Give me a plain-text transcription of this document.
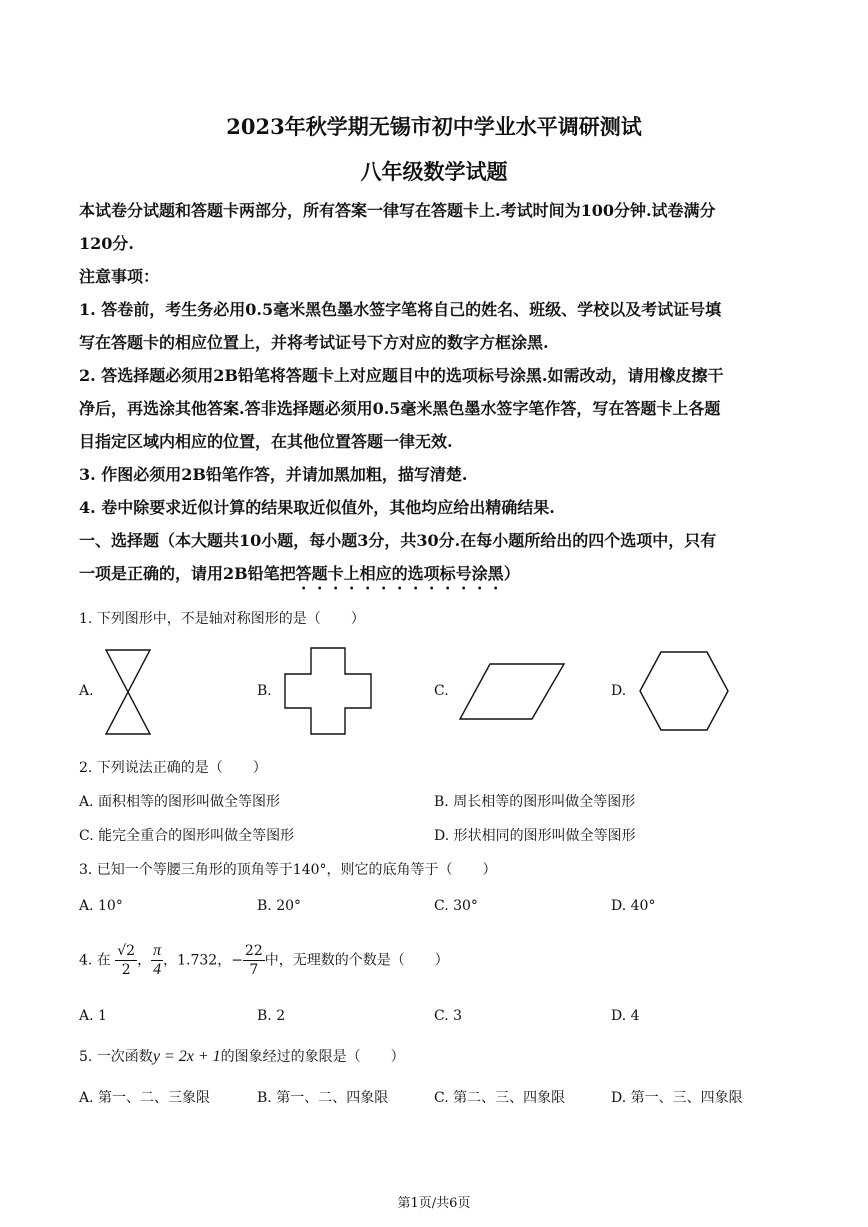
2023年秋学期无锡市初中学业水平调研测试
八年级数学试题
本试卷分试题和答题卡两部分，所有答案一律写在答题卡上.考试时间为100分钟.试卷满分
120分.
注意事项：
1. 答卷前，考生务必用0.5毫米黑色墨水签字笔将自己的姓名、班级、学校以及考试证号填
写在答题卡的相应位置上，并将考试证号下方对应的数字方框涂黑.
2. 答选择题必须用2B铅笔将答题卡上对应题目中的选项标号涂黑.如需改动，请用橡皮擦干
净后，再选涂其他答案.答非选择题必须用0.5毫米黑色墨水签字笔作答，写在答题卡上各题
目指定区域内相应的位置，在其他位置答题一律无效.
3. 作图必须用2B铅笔作答，并请加黑加粗，描写清楚.
4. 卷中除要求近似计算的结果取近似值外，其他均应给出精确结果.
一、选择题（本大题共10小题，每小题3分，共30分.在每小题所给出的四个选项中，只有
一项是正确的，请用2B铅笔把答题卡上相应的选项标号涂黑）
1. 下列图形中，不是轴对称图形的是（ ）
A.	B.	C.	D.
2. 下列说法正确的是（ ）
A. 面积相等的图形叫做全等图形	B. 周长相等的图形叫做全等图形
C. 能完全重合的图形叫做全等图形	D. 形状相同的图形叫做全等图形
3. 已知一个等腰三角形的顶角等于140°，则它的底角等于（ ）
A. 10°	B. 20°	C. 30°	D. 40°
4. 在 $\frac{√2}{2}$ ， $\frac{\pi}{4}$ ，1.732，− $\frac{22}{7}$ 中，无理数的个数是（ ）
A. 1	B. 2	C. 3	D. 4
5. 一次函数y = 2x + 1的图象经过的象限是（ ）
A. 第一、二、三象限	B. 第一、二、四象限	C. 第二、三、四象限	D. 第一、三、四象限
第1页/共6页
